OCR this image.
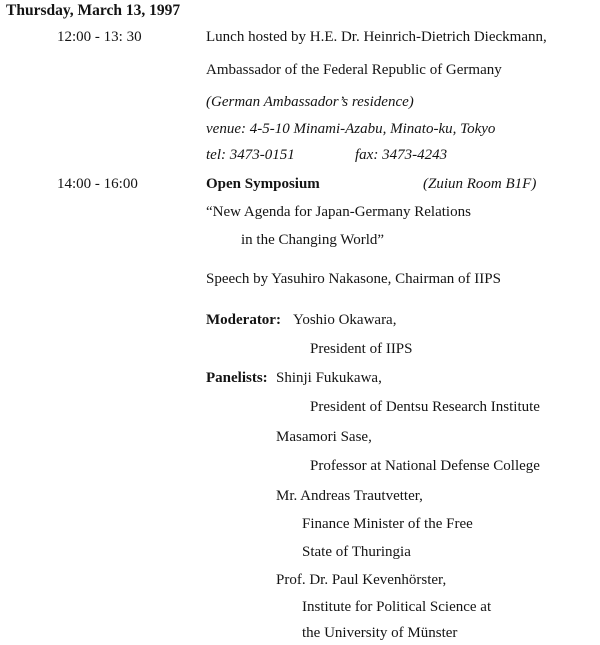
Thursday, March 13, 1997
12:00 - 13: 30	Lunch hosted by H.E. Dr. Heinrich-Dietrich Dieckmann,
Ambassador of the Federal Republic of Germany
(German Ambassador’s residence)
venue: 4-5-10 Minami-Azabu, Minato-ku, Tokyo
tel: 3473-0151	fax: 3473-4243
14:00 - 16:00	Open Symposium	(Zuiun Room B1F)
“New Agenda for Japan-Germany Relations
in the Changing World”
Speech by Yasuhiro Nakasone, Chairman of IIPS
Moderator: Yoshio Okawara,
President of IIPS
Panelists: Shinji Fukukawa,
President of Dentsu Research Institute
Masamori Sase,
Professor at National Defense College
Mr. Andreas Trautvetter,
Finance Minister of the Free
State of Thuringia
Prof. Dr. Paul Kevenhörster,
Institute for Political Science at
the University of Münster
